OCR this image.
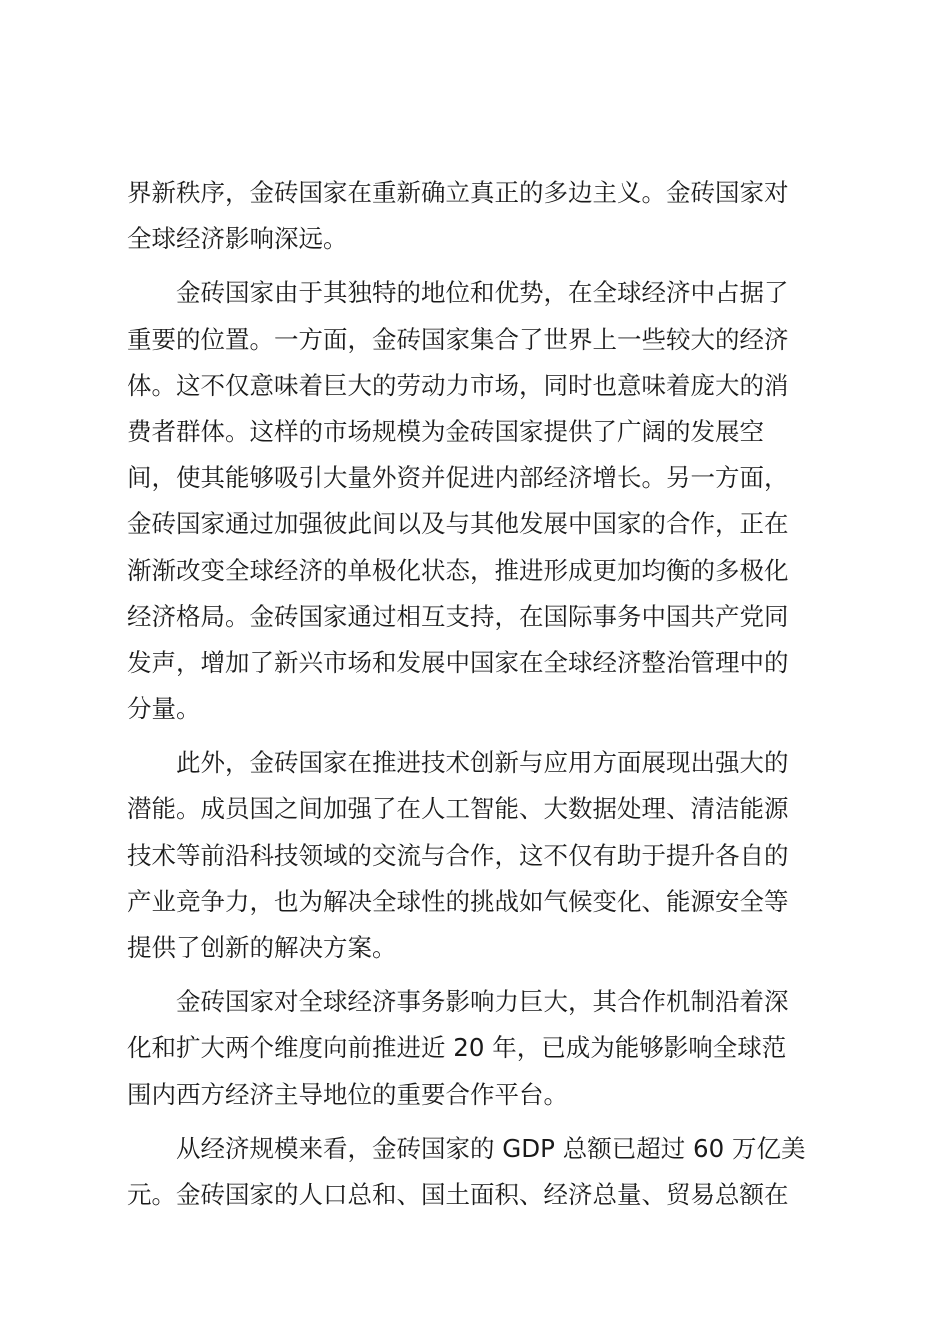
界新秩序，金砖国家在重新确立真正的多边主义。金砖国家对
全球经济影响深远。
　　金砖国家由于其独特的地位和优势，在全球经济中占据了
重要的位置。一方面，金砖国家集合了世界上一些较大的经济
体。这不仅意味着巨大的劳动力市场，同时也意味着庞大的消
费者群体。这样的市场规模为金砖国家提供了广阔的发展空
间，使其能够吸引大量外资并促进内部经济增长。另一方面，
金砖国家通过加强彼此间以及与其他发展中国家的合作，正在
渐渐改变全球经济的单极化状态，推进形成更加均衡的多极化
经济格局。金砖国家通过相互支持，在国际事务中国共产党同
发声，增加了新兴市场和发展中国家在全球经济整治管理中的
分量。
　　此外，金砖国家在推进技术创新与应用方面展现出强大的
潜能。成员国之间加强了在人工智能、大数据处理、清洁能源
技术等前沿科技领域的交流与合作，这不仅有助于提升各自的
产业竞争力，也为解决全球性的挑战如气候变化、能源安全等
提供了创新的解决方案。
　　金砖国家对全球经济事务影响力巨大，其合作机制沿着深
化和扩大两个维度向前推进近 20 年，已成为能够影响全球范
围内西方经济主导地位的重要合作平台。
　　从经济规模来看，金砖国家的 GDP 总额已超过 60 万亿美
元。金砖国家的人口总和、国土面积、经济总量、贸易总额在
